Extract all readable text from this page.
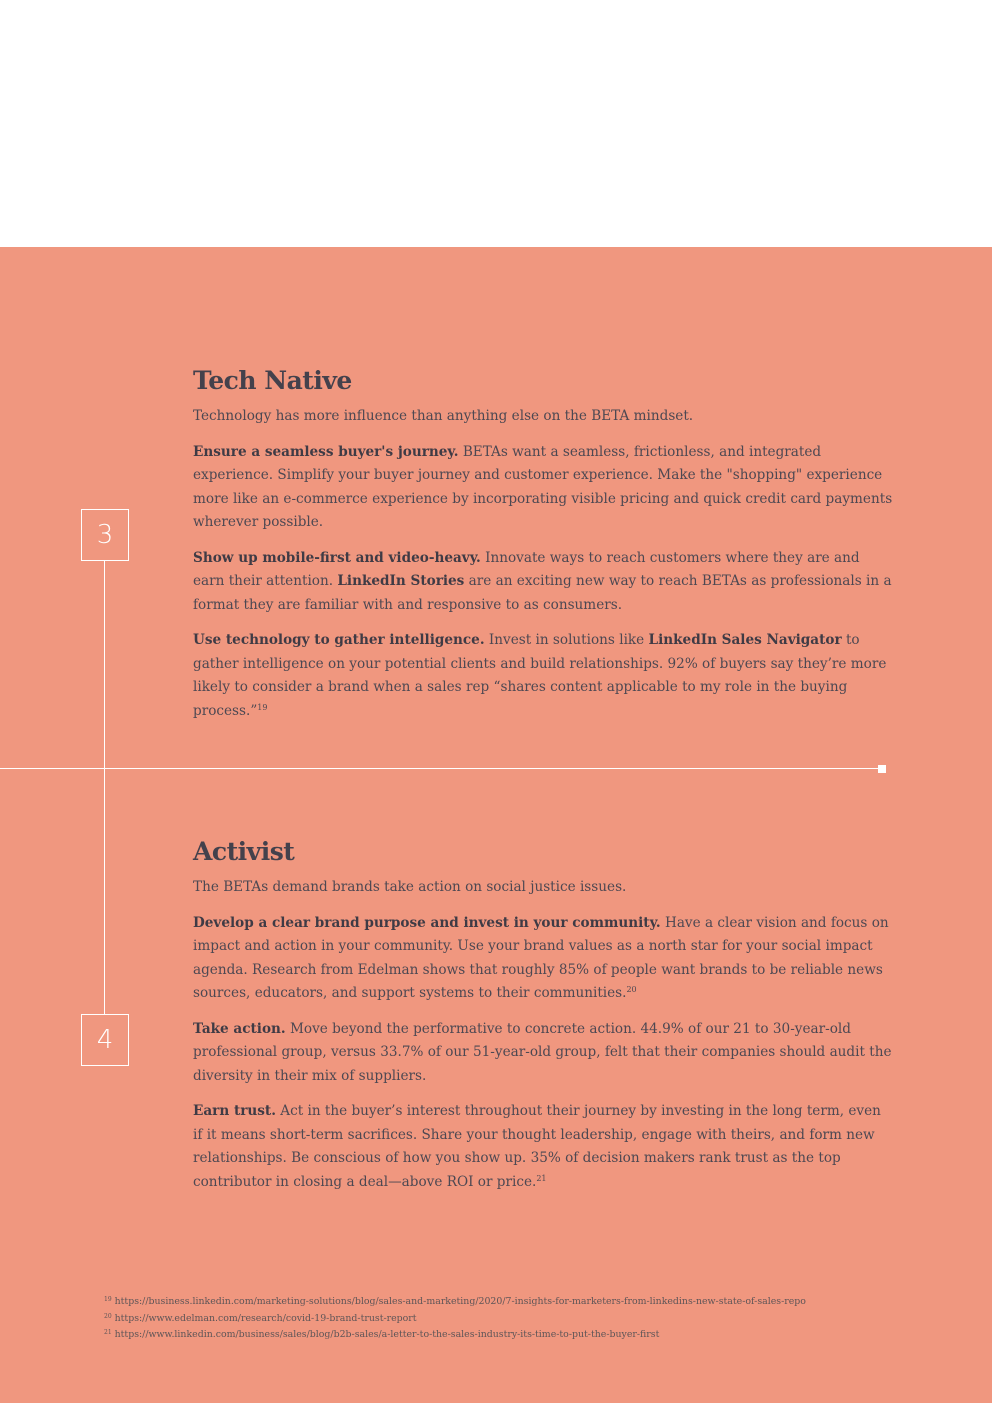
3
4
Tech Native

Technology has more influence than anything else on the BETA mindset.

Ensure a seamless buyer's journey. BETAs want a seamless, frictionless, and integrated experience. Simplify your buyer journey and customer experience. Make the "shopping" experience more like an e-commerce experience by incorporating visible pricing and quick credit card payments wherever possible.

Show up mobile-first and video-heavy. Innovate ways to reach customers where they are and earn their attention. LinkedIn Stories are an exciting new way to reach BETAs as professionals in a format they are familiar with and responsive to as consumers.

Use technology to gather intelligence. Invest in solutions like LinkedIn Sales Navigator to gather intelligence on your potential clients and build relationships. 92% of buyers say they’re more likely to consider a brand when a sales rep “shares content applicable to my role in the buying process.”$^{19}$

Activist

The BETAs demand brands take action on social justice issues.

Develop a clear brand purpose and invest in your community. Have a clear vision and focus on impact and action in your community. Use your brand values as a north star for your social impact agenda. Research from Edelman shows that roughly 85% of people want brands to be reliable news sources, educators, and support systems to their communities.$^{20}$

Take action. Move beyond the performative to concrete action. 44.9% of our 21 to 30-year-old professional group, versus 33.7% of our 51-year-old group, felt that their companies should audit the diversity in their mix of suppliers.

Earn trust. Act in the buyer’s interest throughout their journey by investing in the long term, even if it means short-term sacrifices. Share your thought leadership, engage with theirs, and form new relationships. Be conscious of how you show up. 35% of decision makers rank trust as the top contributor in closing a deal—above ROI or price.$^{21}$

$^{19}$ https://business.linkedin.com/marketing-solutions/blog/sales-and-marketing/2020/7-insights-for-marketers-from-linkedins-new-state-of-sales-repo
$^{20}$ https://www.edelman.com/research/covid-19-brand-trust-report
$^{21}$ https://www.linkedin.com/business/sales/blog/b2b-sales/a-letter-to-the-sales-industry-its-time-to-put-the-buyer-first
